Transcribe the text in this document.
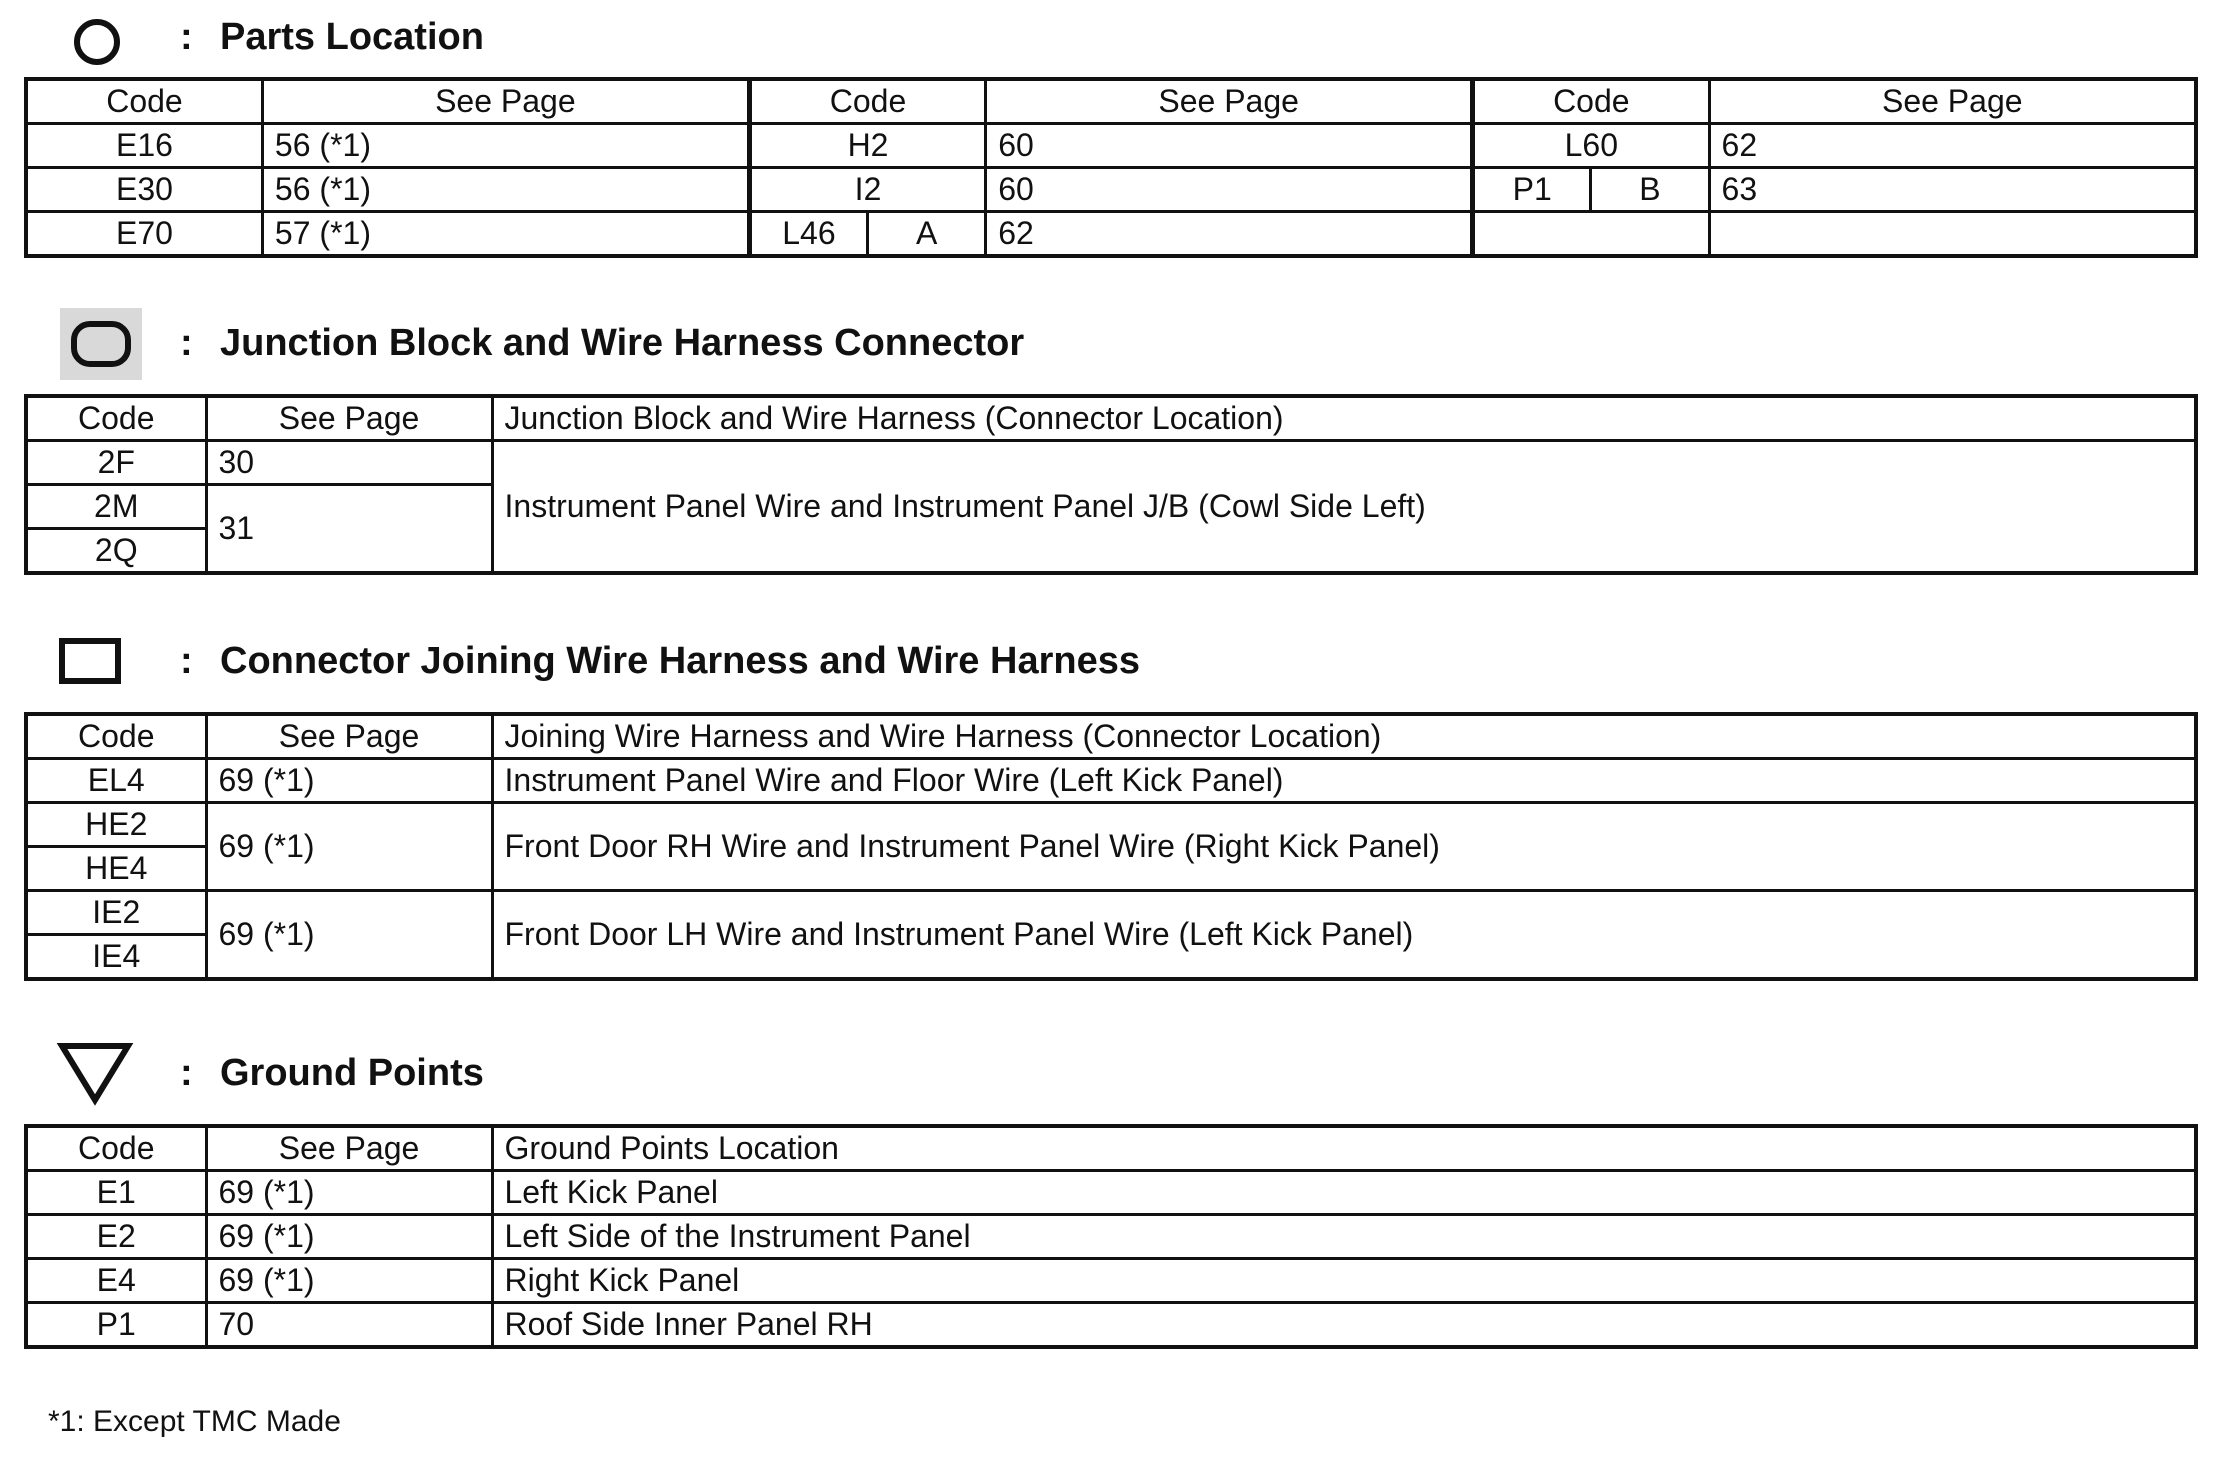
: Parts Location
Code	See Page	Code		See Page	Code		See Page
E16	56 (*1)	H2		60	L60		62
E30	56 (*1)	I2		60	P1	B	63
E70	57 (*1)	L46	A	62			
: Junction Block and Wire Harness Connector
Code	See Page	Junction Block and Wire Harness (Connector Location)
2F	30	Instrument Panel Wire and Instrument Panel J/B (Cowl Side Left)
2M	31	
2Q		
: Connector Joining Wire Harness and Wire Harness
Code	See Page	Joining Wire Harness and Wire Harness (Connector Location)
EL4	69 (*1)	Instrument Panel Wire and Floor Wire (Left Kick Panel)
HE2	69 (*1)	Front Door RH Wire and Instrument Panel Wire (Right Kick Panel)
HE4		
IE2	69 (*1)	Front Door LH Wire and Instrument Panel Wire (Left Kick Panel)
IE4		
: Ground Points
Code	See Page	Ground Points Location
E1	69 (*1)	Left Kick Panel
E2	69 (*1)	Left Side of the Instrument Panel
E4	69 (*1)	Right Kick Panel
P1	70	Roof Side Inner Panel RH
*1: Except TMC Made
